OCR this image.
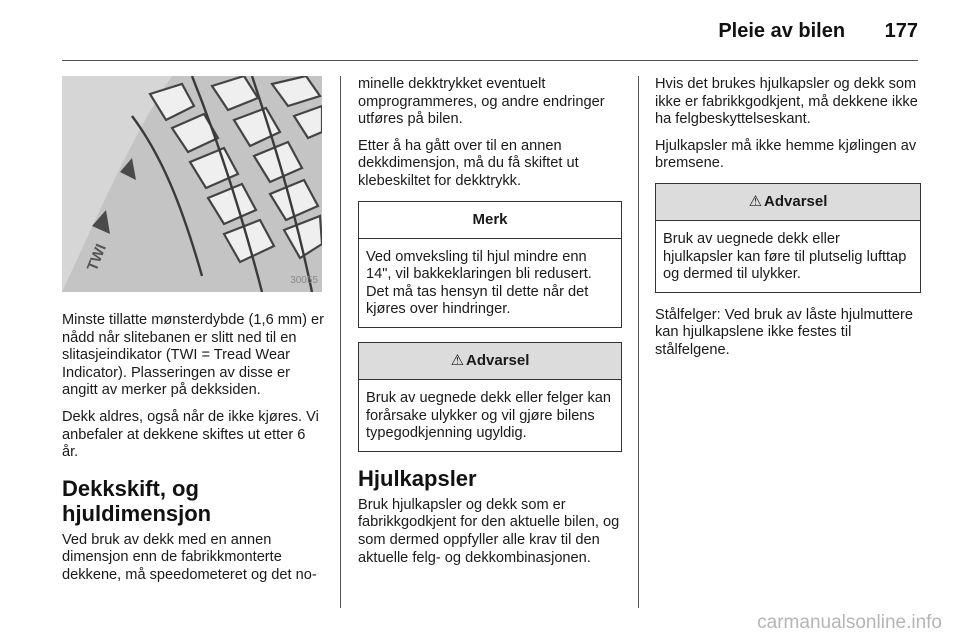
Pleie av bilen 177
TWI
30055

Minste tillatte mønsterdybde (1,6 mm) er nådd når slitebanen er slitt ned til en slitasjeindikator (TWI = Tread Wear Indicator). Plasseringen av disse er angitt av merker på dekksiden.

Dekk aldres, også når de ikke kjøres. Vi anbefaler at dekkene skiftes ut etter 6 år.

Dekkskift, og hjuldimensjon

Ved bruk av dekk med en annen dimensjon enn de fabrikkmonterte dekkene, må speedometeret og det no-

minelle dekktrykket eventuelt omprogrammeres, og andre endringer utføres på bilen.

Etter å ha gått over til en annen dekkdimensjon, må du få skiftet ut klebeskiltet for dekktrykk.

Merk
Ved omveksling til hjul mindre enn 14", vil bakkeklaringen bli redusert. Det må tas hensyn til dette når det kjøres over hindringer.
⚠ Advarsel
Bruk av uegnede dekk eller felger kan forårsake ulykker og vil gjøre bilens typegodkjenning ugyldig.
Hjulkapsler

Bruk hjulkapsler og dekk som er fabrikkgodkjent for den aktuelle bilen, og som dermed oppfyller alle krav til den aktuelle felg- og dekkombinasjonen.

Hvis det brukes hjulkapsler og dekk som ikke er fabrikkgodkjent, må dekkene ikke ha felgbeskyttelseskant.

Hjulkapsler må ikke hemme kjølingen av bremsene.

⚠ Advarsel
Bruk av uegnede dekk eller hjulkapsler kan føre til plutselig lufttap og dermed til ulykker.

Stålfelger: Ved bruk av låste hjulmuttere kan hjulkapslene ikke festes til stålfelgene.

carmanualsonline.info
